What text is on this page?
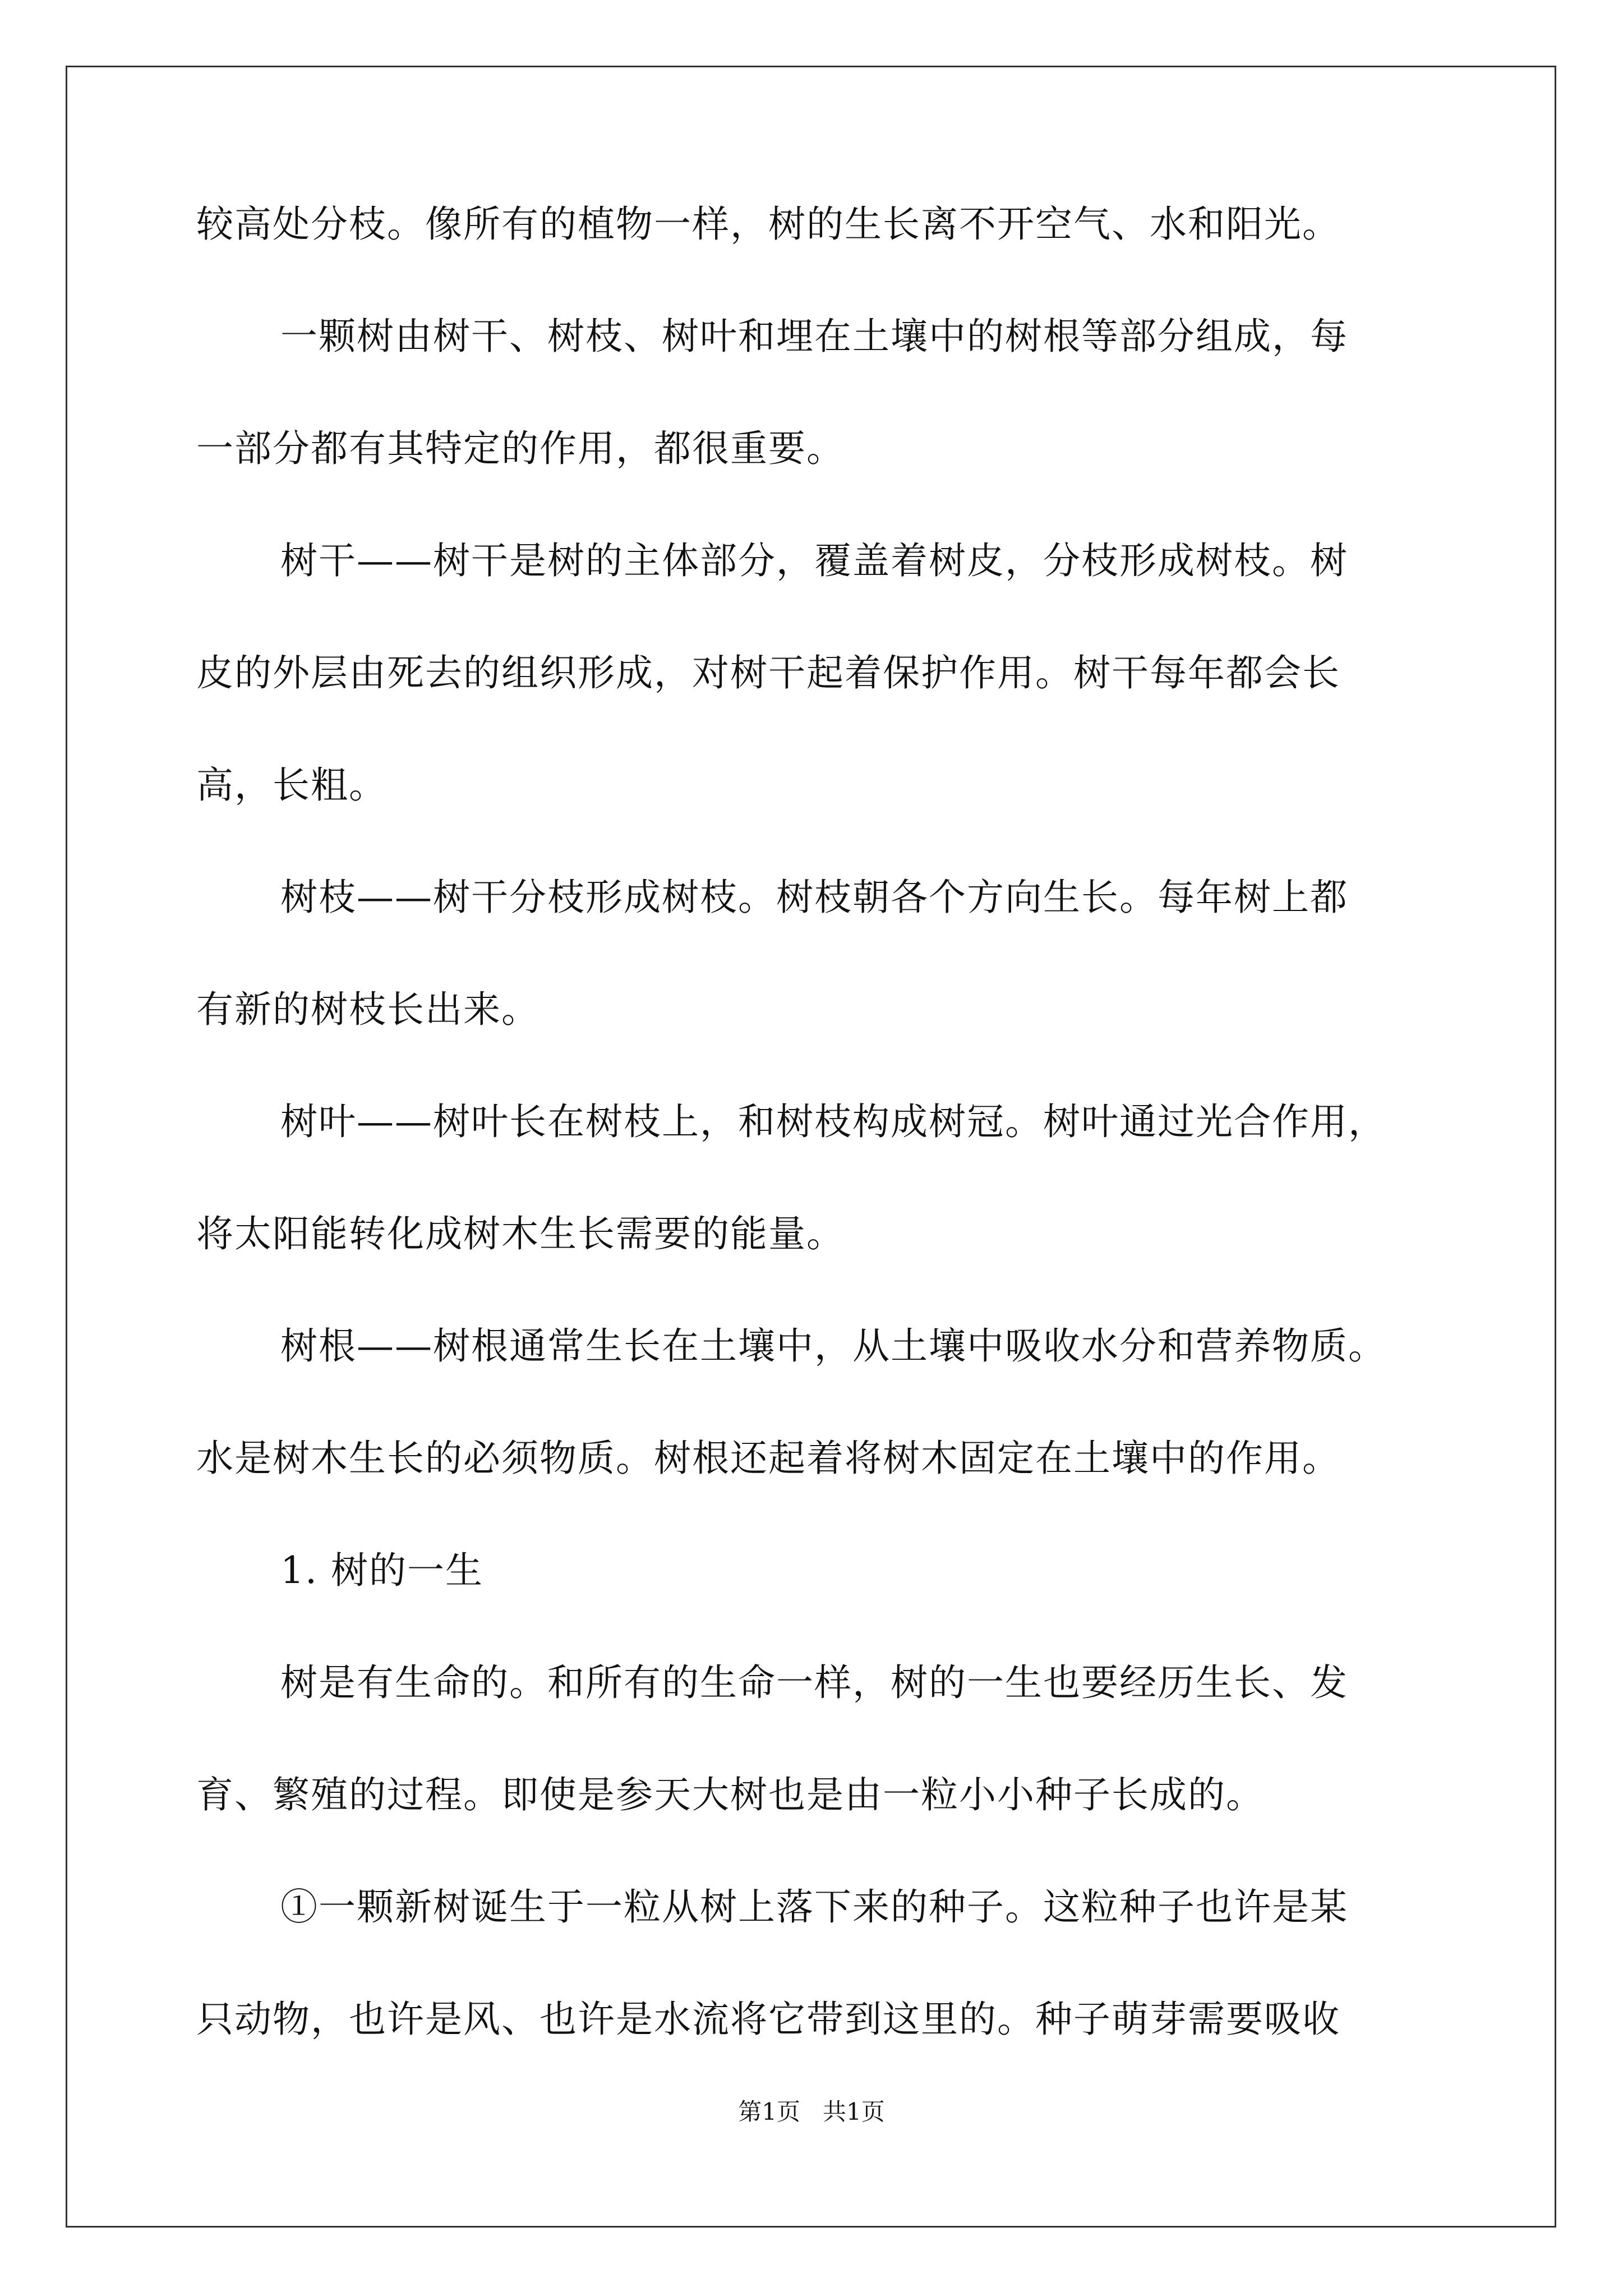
较高处分枝。像所有的植物一样，树的生长离不开空气、水和阳光。
一颗树由树干、树枝、树叶和埋在土壤中的树根等部分组成，每
一部分都有其特定的作用，都很重要。
树干——树干是树的主体部分，覆盖着树皮，分枝形成树枝。树
皮的外层由死去的组织形成，对树干起着保护作用。树干每年都会长
高，长粗。
树枝——树干分枝形成树枝。树枝朝各个方向生长。每年树上都
有新的树枝长出来。
树叶——树叶长在树枝上，和树枝构成树冠。树叶通过光合作用，
将太阳能转化成树木生长需要的能量。
树根——树根通常生长在土壤中，从土壤中吸收水分和营养物质。
水是树木生长的必须物质。树根还起着将树木固定在土壤中的作用。
1. 树的一生
树是有生命的。和所有的生命一样，树的一生也要经历生长、发
育、繁殖的过程。即使是参天大树也是由一粒小小种子长成的。
①一颗新树诞生于一粒从树上落下来的种子。这粒种子也许是某
只动物，也许是风、也许是水流将它带到这里的。种子萌芽需要吸收
第1页   共1页
